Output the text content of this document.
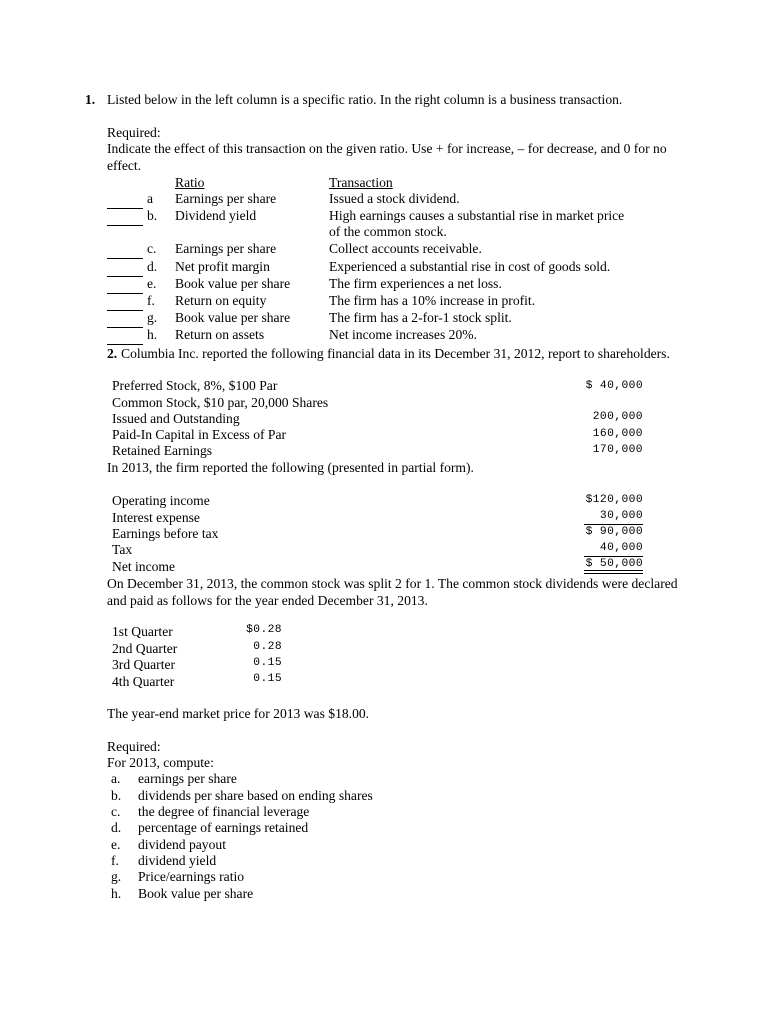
1. Listed below in the left column is a specific ratio. In the right column is a business transaction.
Required:
Indicate the effect of this transaction on the given ratio. Use + for increase, – for decrease, and 0 for no
effect.
Ratio	Transaction
a Earnings per share	Issued a stock dividend.
b. Dividend yield	High earnings causes a substantial rise in market price
of the common stock.
c. Earnings per share	Collect accounts receivable.
d. Net profit margin	Experienced a substantial rise in cost of goods sold.
e. Book value per share	The firm experiences a net loss.
f. Return on equity	The firm has a 10% increase in profit.
g. Book value per share	The firm has a 2-for-1 stock split.
h. Return on assets	Net income increases 20%.
2. Columbia Inc. reported the following financial data in its December 31, 2012, report to shareholders.
Preferred Stock, 8%, $100 Par	$ 40,000
Common Stock, $10 par, 20,000 Shares
Issued and Outstanding	200,000
Paid-In Capital in Excess of Par	160,000
Retained Earnings	170,000
In 2013, the firm reported the following (presented in partial form).
Operating income	$120,000
Interest expense	30,000
Earnings before tax	$ 90,000
Tax	40,000
Net income	$ 50,000
On December 31, 2013, the common stock was split 2 for 1. The common stock dividends were declared
and paid as follows for the year ended December 31, 2013.
1st Quarter	$0.28
2nd Quarter	0.28
3rd Quarter	0.15
4th Quarter	0.15
The year-end market price for 2013 was $18.00.
Required:
For 2013, compute:
a. earnings per share
b. dividends per share based on ending shares
c. the degree of financial leverage
d. percentage of earnings retained
e. dividend payout
f. dividend yield
g. Price/earnings ratio
h. Book value per share
